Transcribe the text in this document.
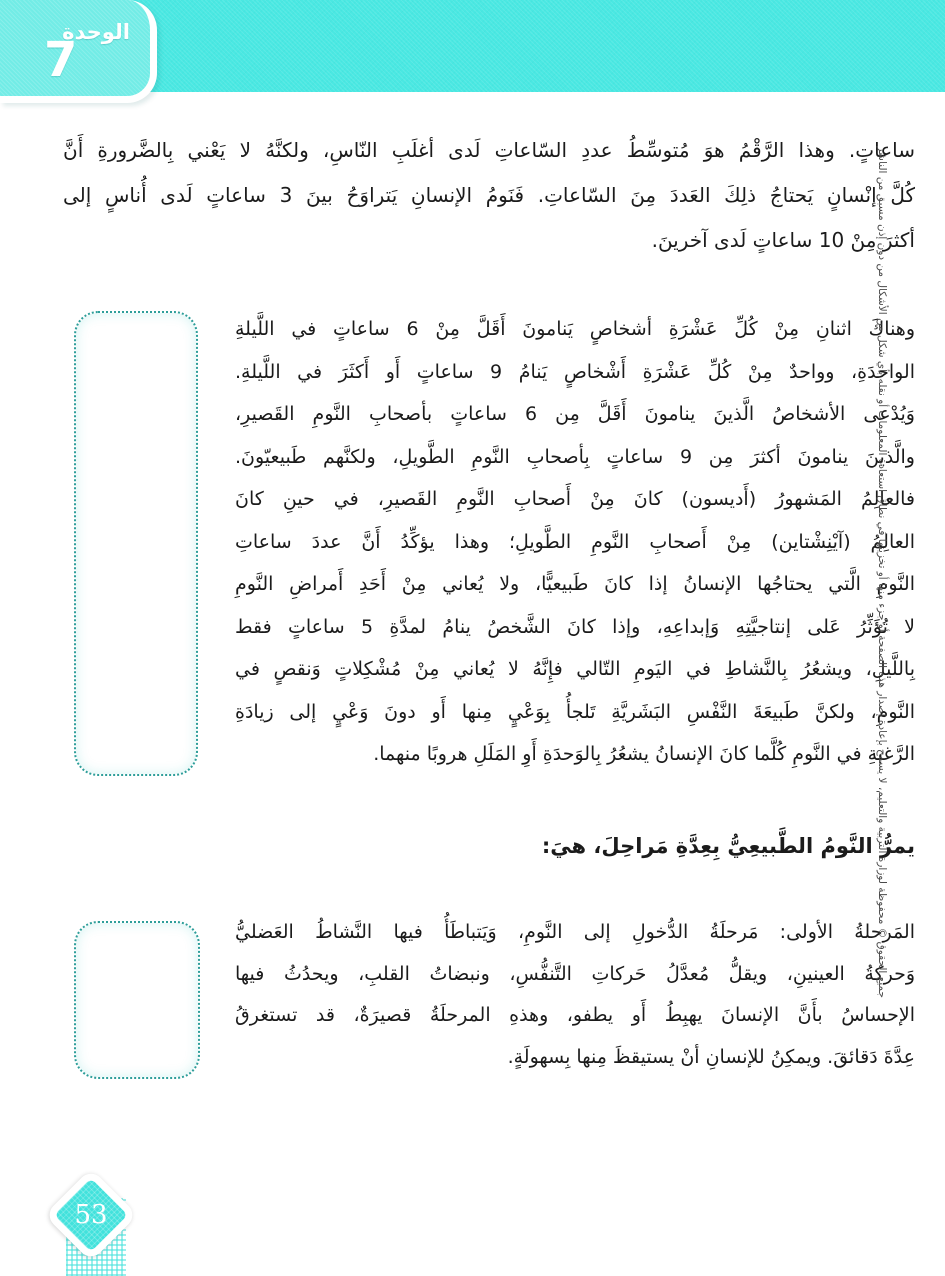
الوحدة
7
ساعاتٍ. وهذا الرَّقْمُ هوَ مُتوسِّطُ عددِ السّاعاتِ لَدى أغلَبِ النّاسِ، ولكنَّهُ لا يَعْني بِالضَّرورةِ أَنَّ
كُلَّ إنْسانٍ يَحتاجُ ذلِكَ العَددَ مِنَ السّاعاتِ. فَنَومُ الإنسانِ يَتراوَحُ بينَ 3 ساعاتٍ لَدى أُناسٍ إلى
أكثرَ مِنْ 10 ساعاتٍ لَدى آخرينَ.
وهناكَ اثنانِ مِنْ كُلِّ عَشْرَةِ أشخاصٍ يَنامونَ أَقَلَّ مِنْ 6 ساعاتٍ في اللَّيلةِ
الواحدَةِ، وواحدٌ مِنْ كُلِّ عَشْرَةِ أَشْخاصٍ يَنامُ 9 ساعاتٍ أَو أَكثَرَ في اللَّيلةِ.
وَيُدْعى الأشخاصُ الَّذينَ ينامونَ أَقَلَّ مِن 6 ساعاتٍ بأصحابِ النَّومِ القَصيرِ،
والَّذينَ ينامونَ أكثرَ مِن 9 ساعاتٍ بِأصحابِ النَّومِ الطَّويلِ، ولكنَّهم طَبيعيّونَ.
فالعالِمُ المَشهورُ (أَديسون) كانَ مِنْ أَصحابِ النَّومِ القَصيرِ، في حينِ كانَ
العالِمُ (آيْنِشْتاين) مِنْ أَصحابِ النَّومِ الطَّويلِ؛ وهذا يؤكِّدُ أَنَّ عددَ ساعاتِ
النَّومِ الَّتي يحتاجُها الإنسانُ إذا كانَ طَبيعيًّا، ولا يُعاني مِنْ أَحَدِ أَمراضِ النَّومِ
لا تُؤَثِّرُ عَلى إنتاجيَّتِهِ وَإبداعِهِ، وإذا كانَ الشَّخصُ ينامُ لمدَّةِ 5 ساعاتٍ فقط
بِاللَّيلِ، ويشعُرُ بِالنَّشاطِ في اليَومِ التّالي فإِنَّهُ لا يُعاني مِنْ مُشْكِلاتٍ وَنقصٍ في
النَّومِ، ولكنَّ طَبيعَةَ النَّفْسِ البَشَريَّةِ تَلجأُ بِوَعْيٍ مِنها أَو دونَ وَعْيٍ إلى زيادَةِ
الرَّغبةِ في النَّومِ كُلَّما كانَ الإنسانُ يشعُرُ بِالوَحدَةِ أَوِ المَلَلِ هروبًا منهما.
يمرُّ النَّومُ الطَّبيعِيُّ بِعِدَّةِ مَراحِلَ، هيَ:
المَرحلةُ الأولى: مَرحلَةُ الدُّخولِ إلى النَّومِ، وَيَتباطَأُ فيها النَّشاطُ العَضليُّ
وَحركةُ العينينِ، ويقلُّ مُعدَّلُ حَركاتِ التَّنفُّسِ، ونبضاتُ القلبِ، ويحدُثُ فيها
الإحساسُ بأَنَّ الإنسانَ يهبِطُ أَو يطفو، وهذهِ المرحلَةُ قصيرَةٌ، قد تستغرقُ
عِدَّةَ دَقائقَ. ويمكِنُ للإنسانِ أنْ يستيقظَ مِنها بِسهولَةٍ.
جميع الحقوق © محفوظة لوزارة التربية والتعليم، لا يسمح بإعادة إصدار هذه الصفحة أو جزء منها أو تخزينها في نطاق استعادة المعلومات أو نقله بأي شكل من الأشكال من دون إذن مسبق من الناشر
53
